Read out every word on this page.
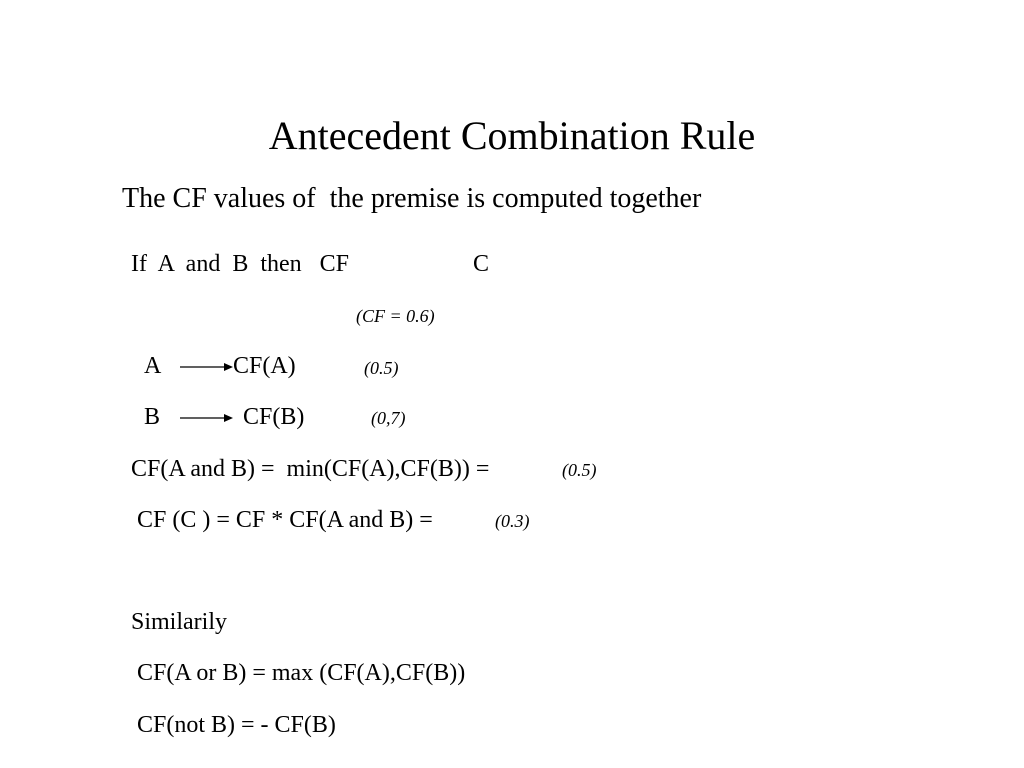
Antecedent Combination Rule
The CF values of  the premise is computed together
If  A  and  B  then   CF	C
(CF = 0.6)
A	CF(A)	(0.5)
B	CF(B)	(0,7)
CF(A and B) =  min(CF(A),CF(B)) =	(0.5)
CF (C ) = CF * CF(A and B) =	(0.3)
Similarily
CF(A or B) = max (CF(A),CF(B))
CF(not B) = - CF(B)
